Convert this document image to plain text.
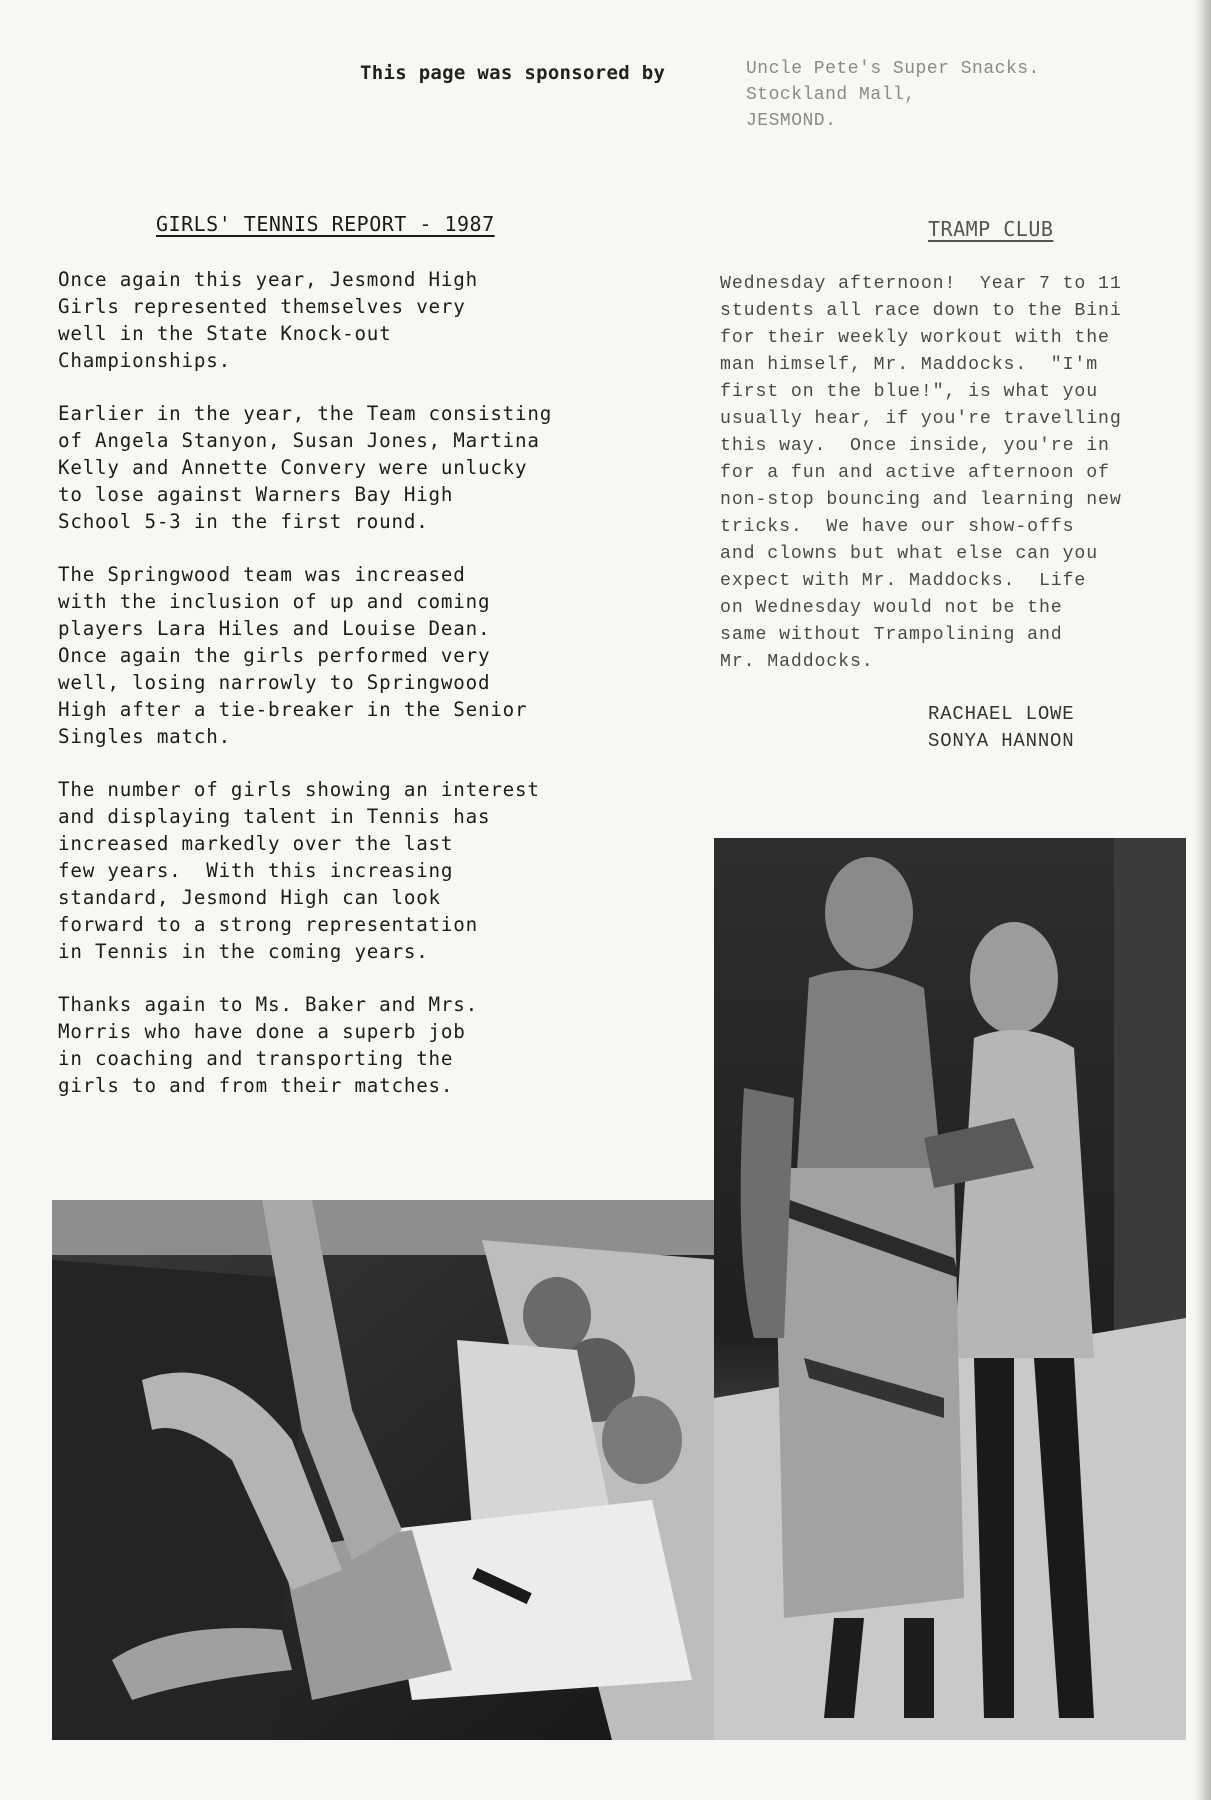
This page was sponsored by	Uncle Pete's Super Snacks.
Stockland Mall,
JESMOND.
GIRLS' TENNIS REPORT - 1987	TRAMP CLUB

Once again this year, Jesmond High
Girls represented themselves very
well in the State Knock-out
Championships.

Earlier in the year, the Team consisting
of Angela Stanyon, Susan Jones, Martina
Kelly and Annette Convery were unlucky
to lose against Warners Bay High
School 5-3 in the first round.

The Springwood team was increased
with the inclusion of up and coming
players Lara Hiles and Louise Dean.
Once again the girls performed very
well, losing narrowly to Springwood
High after a tie-breaker in the Senior
Singles match.

The number of girls showing an interest
and displaying talent in Tennis has
increased markedly over the last
few years.  With this increasing
standard, Jesmond High can look
forward to a strong representation
in Tennis in the coming years.

Thanks again to Ms. Baker and Mrs.
Morris who have done a superb job
in coaching and transporting the
girls to and from their matches.

Wednesday afternoon!  Year 7 to 11
students all race down to the Bini
for their weekly workout with the
man himself, Mr. Maddocks.  "I'm
first on the blue!", is what you
usually hear, if you're travelling
this way.  Once inside, you're in
for a fun and active afternoon of
non-stop bouncing and learning new
tricks.  We have our show-offs
and clowns but what else can you
expect with Mr. Maddocks.  Life
on Wednesday would not be the
same without Trampolining and
Mr. Maddocks.
RACHAEL LOWE
SONYA HANNON
